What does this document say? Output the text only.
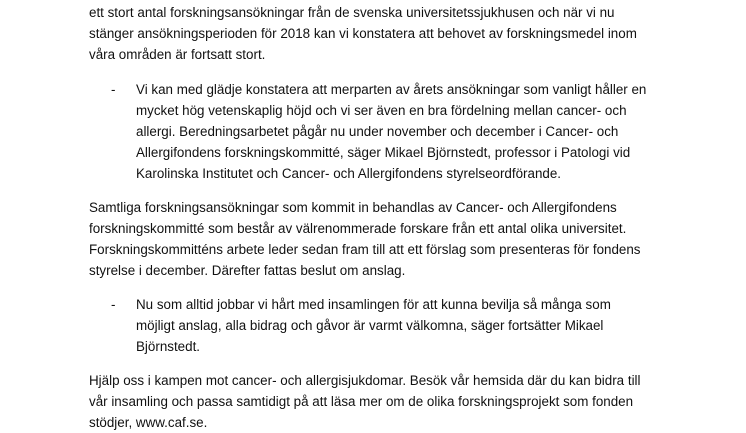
ett stort antal forskningsansökningar från de svenska universitetssjukhusen och när vi nu
stänger ansökningsperioden för 2018 kan vi konstatera att behovet av forskningsmedel inom
våra områden är fortsatt stort.
- Vi kan med glädje konstatera att merparten av årets ansökningar som vanligt håller en
mycket hög vetenskaplig höjd och vi ser även en bra fördelning mellan cancer- och
allergi. Beredningsarbetet pågår nu under november och december i Cancer- och
Allergifondens forskningskommitté, säger Mikael Björnstedt, professor i Patologi vid
Karolinska Institutet och Cancer- och Allergifondens styrelseordförande.
Samtliga forskningsansökningar som kommit in behandlas av Cancer- och Allergifondens
forskningskommitté som består av välrenommerade forskare från ett antal olika universitet.
Forskningskommitténs arbete leder sedan fram till att ett förslag som presenteras för fondens
styrelse i december. Därefter fattas beslut om anslag.
- Nu som alltid jobbar vi hårt med insamlingen för att kunna bevilja så många som
möjligt anslag, alla bidrag och gåvor är varmt välkomna, säger fortsätter Mikael
Björnstedt.
Hjälp oss i kampen mot cancer- och allergisjukdomar. Besök vår hemsida där du kan bidra till
vår insamling och passa samtidigt på att läsa mer om de olika forskningsprojekt som fonden
stödjer, www.caf.se.
